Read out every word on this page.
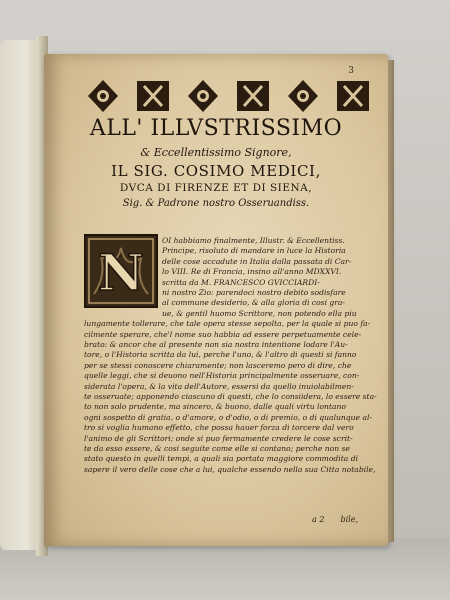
3

ALL' ILLVSTRISSIMO

& Eccellentissimo Signore,

IL SIG. COSIMO MEDICI,

DVCA DI FIRENZE ET DI SIENA,

Sig. & Padrone nostro Osseruandiss.

N

OI habbiamo finalmente, Illustr. & Eccellentiss.

Principe, risoluto di mandare in luce la Historia

delle cose accadute in Italia dalla passata di Car-

lo VIII. Re di Francia, insino all'anno MDXXVI.

scritta da M. FRANCESCO GVICCIARDI-

ni nostro Zio: parendoci nostro debito sodisfare

al commune desiderio, & alla gloria di cosi gra-

ue, & gentil huomo Scrittore, non potendo ella piu

lungamente tollerare, che tale opera stesse sepolta, per la quale si puo fa-

cilmente sperare, che'l nome suo habbia ad essere perpetuamente cele-

brato: & ancor che al presente non sia nostra intentione lodare l'Au-

tore, o l'Historia scritta da lui, perche l'uno, & l'altro di questi si fanno

per se stessi conoscere chiaramente; non lasceremo pero di dire, che

quelle leggi, che si deuono nell'Historia principalmente osseruare, con-

siderata l'opera, & la vita dell'Autore, essersi da quello inuiolabilmen-

te osseruate; apponendo ciascuno di questi, che lo consiidera, lo essere sta-

to non solo prudente, ma sincero, & buono, dalle quali virtu lontano

ogni sospetto di gratia, o d'amore, o d'odio, o di premio, o di qualunque al-

tro si voglia humano effetto, che possa hauer forza di torcere dal vero

l'animo de gli Scrittori; onde si puo fermamente credere le cose scrit-

te da esso essere, & cosi seguite come elle si contano; perche non se

stato questo in quelli tempi, a quali sia portata maggiore commodita di

sapere il vero delle cose che a lui, qualche essendo nella sua Citta notabile,

a 2 bile,
